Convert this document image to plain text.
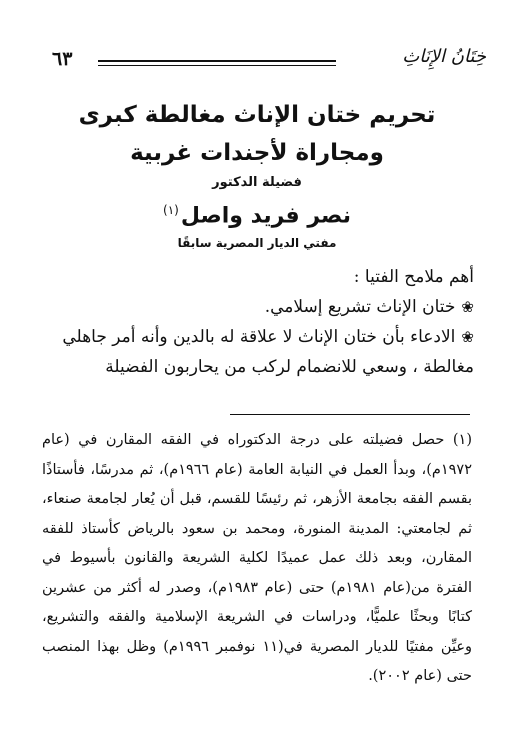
خِتَانُ الإِنَاثِ
٦٣
تحريم ختان الإناث مغالطة كبرى
ومجاراة لأجندات غربية
فضيلة الدكتور
نصر فريد واصل$^{(١)}$
مفتي الديار المصرية سابقًا

أهم ملامح الفتيا :

❀ختان الإناث تشريع إسلامي.

❀الادعاء بأن ختان الإناث لا علاقة له بالدين وأنه أمر جاهلي

مغالطة ، وسعي للانضمام لركب من يحاربون الفضيلة

(١) حصل فضيلته على درجة الدكتوراه في الفقه المقارن في (عام ١٩٧٢م)، وبدأ العمل في النيابة العامة (عام ١٩٦٦م)، ثم مدرسًا، فأستاذًا بقسم الفقه بجامعة الأزهر، ثم رئيسًا للقسم، قبل أن يُعار لجامعة صنعاء، ثم لجامعتي: المدينة المنورة، ومحمد بن سعود بالرياض كأستاذ للفقه المقارن، وبعد ذلك عمل عميدًا لكلية الشريعة والقانون بأسيوط في الفترة من(عام ١٩٨١م) حتى (عام ١٩٨٣م)، وصدر له أكثر من عشرين كتابًا وبحثًا علميًّا، ودراسات في الشريعة الإسلامية والفقه والتشريع، وعيِّن مفتيًا للديار المصرية في(١١ نوفمبر ١٩٩٦م) وظل بهذا المنصب حتى (عام ٢٠٠٢).
